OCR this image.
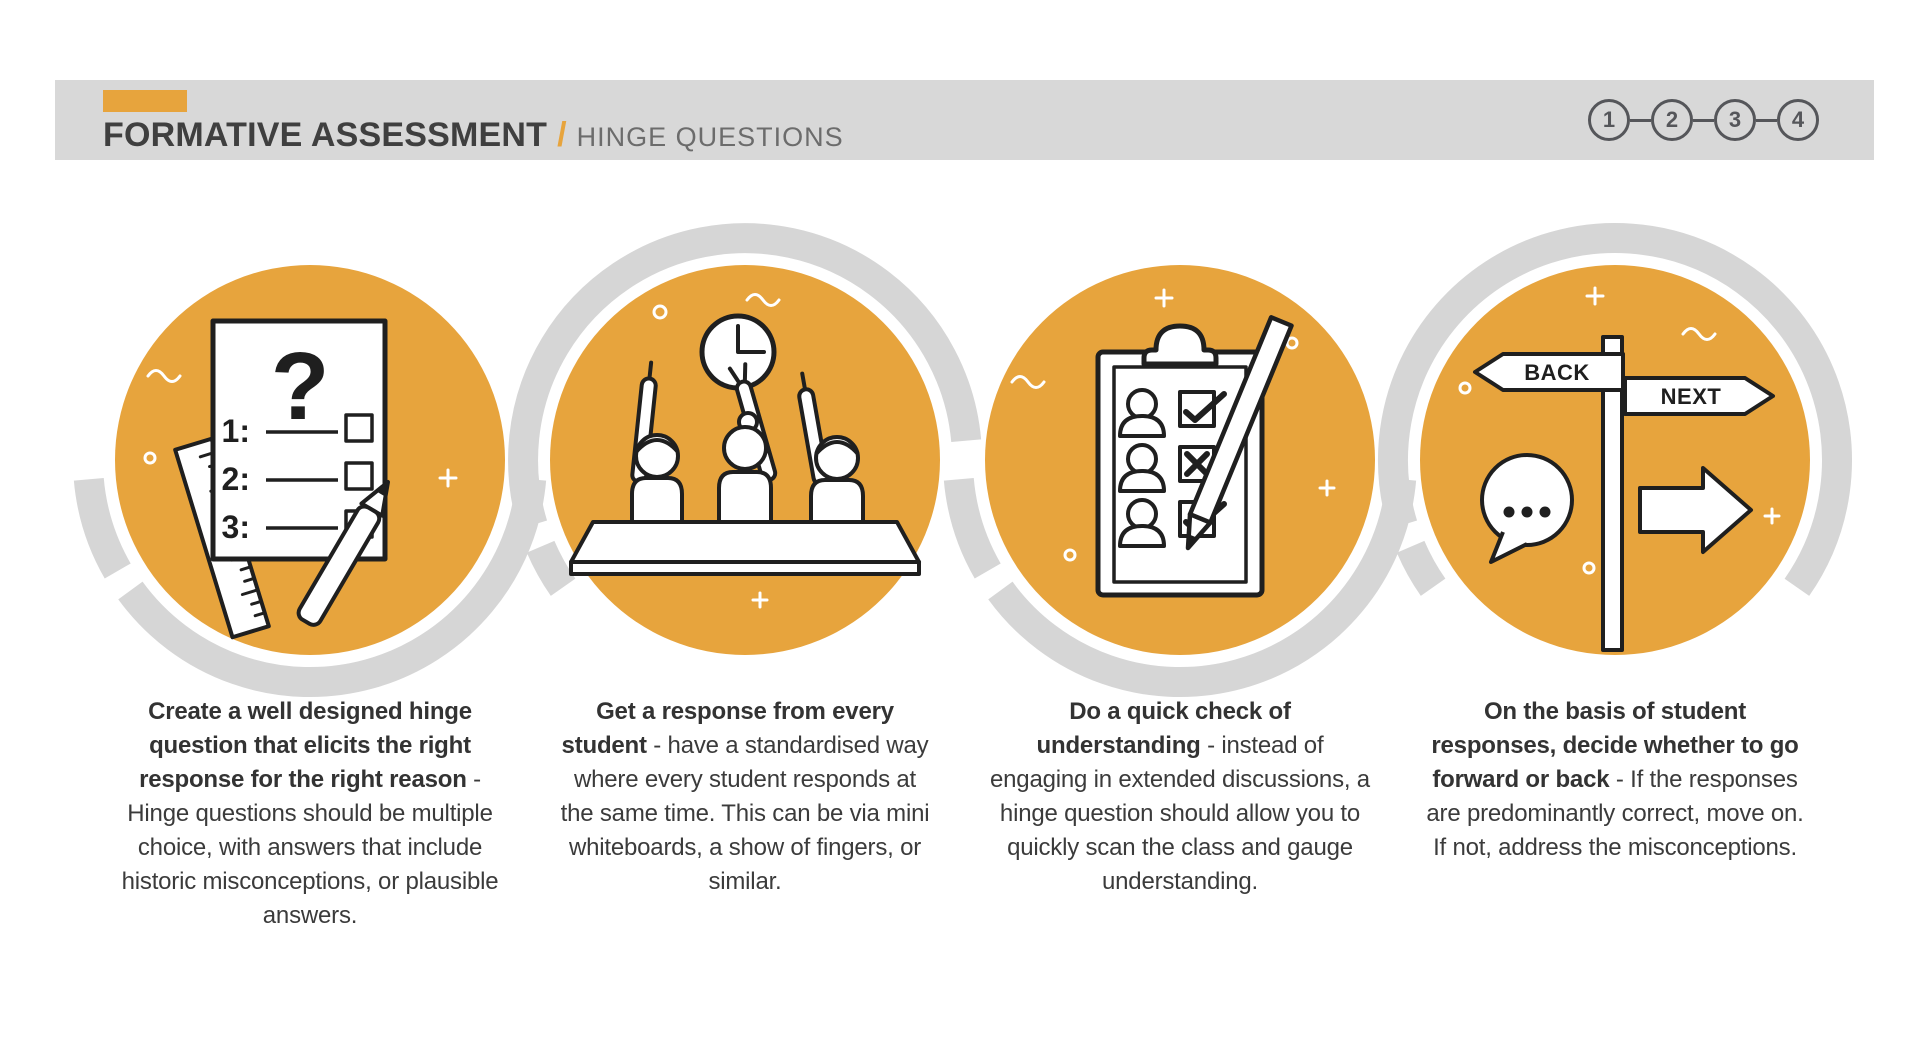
FORMATIVE ASSESSMENT / HINGE QUESTIONS
1	2	3	4
?
1:
2:
3:
BACK
NEXT
Create a well designed hinge question that elicits the right response for the right reason - Hinge questions should be multiple choice, with answers that include historic misconceptions, or plausible answers.
Get a response from every student - have a standardised way where every student responds at the same time. This can be via mini whiteboards, a show of fingers, or similar.
Do a quick check of understanding - instead of engaging in extended discussions, a hinge question should allow you to quickly scan the class and gauge understanding.
On the basis of student responses, decide whether to go forward or back - If the responses are predominantly correct, move on. If not, address the misconceptions.
